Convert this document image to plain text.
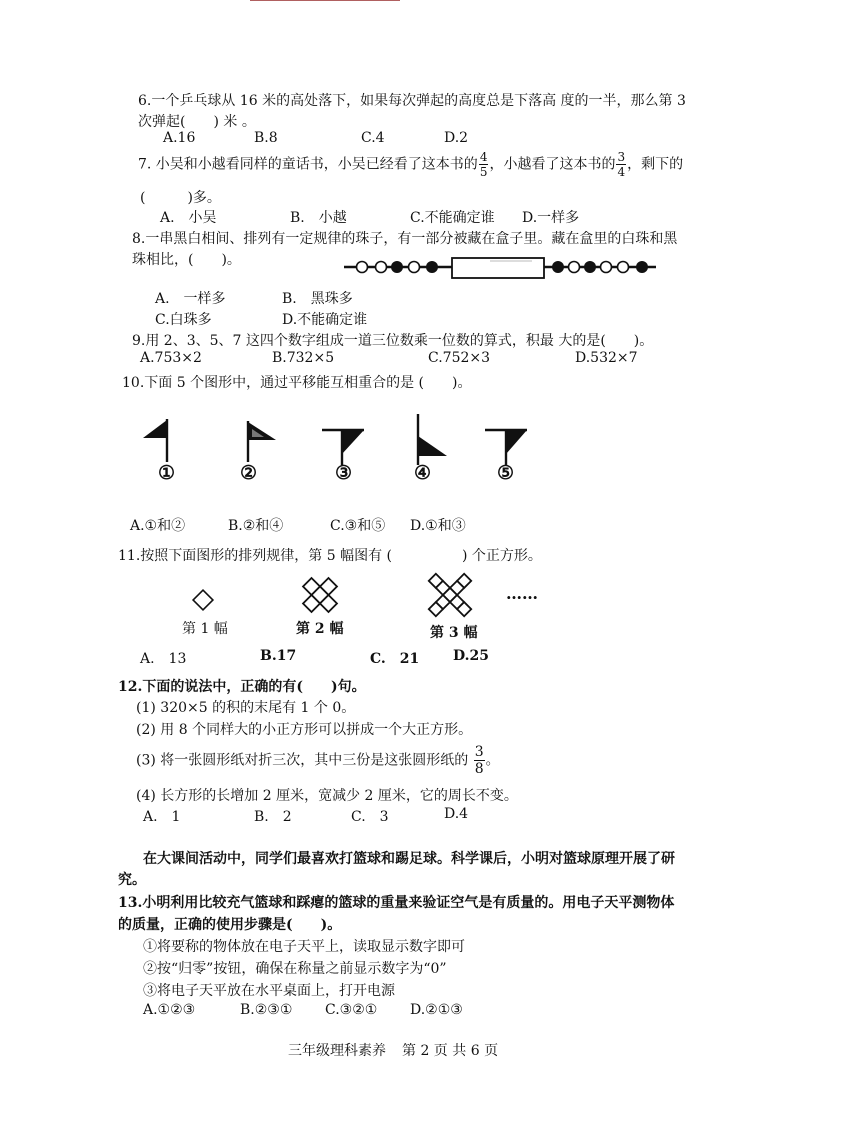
6.一个乒乓球从 16 米的高处落下，如果每次弹起的高度总是下落高 度的一半，那么第 3
次弹起(　　) 米 。
A.16	B.8	C.4	D.2
7. 小吴和小越看同样的童话书，小吴已经看了这本书的 $\frac{4}{5}$ ，小越看了这本书的 $\frac{3}{4}$ ，剩下的
(　　　)多。
A.　小吴	B.　小越	C.不能确定谁 D.一样多
8.一串黑白相间、排列有一定规律的珠子，有一部分被藏在盒子里。藏在盒里的白珠和黑
珠相比，(　　)。
A.　一样多	B.　黑珠多
C.白珠多	D.不能确定谁
9.用 2、3、5、7 这四个数字组成一道三位数乘一位数的算式，积最 大的是(　　)。
A.753×2	B.732×5	C.752×3	D.532×7
10.下面 5 个图形中，通过平移能互相重合的是 (　　)。
①	②	③	④	⑤
A.①和②	B.②和④	C.③和⑤ D.①和③
11.按照下面图形的排列规律，第 5 幅图有 (　　　　　) 个正方形。
……
第 1 幅	第 2 幅	第 3 幅
A.　13	B.17	C.　21 D.25
12.下面的说法中，正确的有(　　)句。
(1) 320×5 的积的末尾有 1 个 0。
(2) 用 8 个同样大的小正方形可以拼成一个大正方形。
(3) 将一张圆形纸对折三次，其中三份是这张圆形纸的 $\frac{3}{8}$ 。
(4) 长方形的长增加 2 厘米，宽减少 2 厘米，它的周长不变。
A.　1	B.　2	C.　3	D.4
在大课间活动中，同学们最喜欢打篮球和踢足球。科学课后，小明对篮球原理开展了研
究。
13.小明利用比较充气篮球和踩瘪的篮球的重量来验证空气是有质量的。用电子天平测物体
的质量，正确的使用步骤是(　　)。
①将要称的物体放在电子天平上，读取显示数字即可
②按“归零”按钮，确保在称量之前显示数字为“0”
③将电子天平放在水平桌面上，打开电源
A.①②③	B.②③① C.③②① D.②①③
三年级理科素养 第 2 页 共 6 页
